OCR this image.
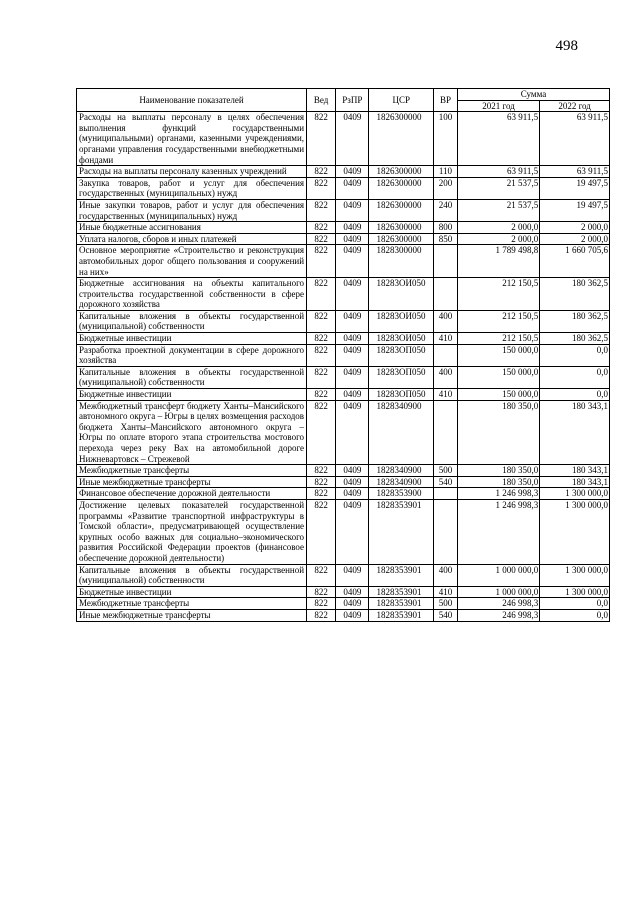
498
Наименование показателей	Вед	РзПР	ЦСР	ВР	Сумма	
					2021 год	2022 год
Расходы на выплаты персоналу в целях обеспечения выполнения функций государственными (муниципальными) органами, казенными учреждениями, органами управления государственными внебюджетными фондами	822	0409	1826300000	100	63 911,5	63 911,5
Расходы на выплаты персоналу казенных учреждений	822	0409	1826300000	110	63 911,5	63 911,5
Закупка товаров, работ и услуг для обеспечения государственных (муниципальных) нужд	822	0409	1826300000	200	21 537,5	19 497,5
Иные закупки товаров, работ и услуг для обеспечения государственных (муниципальных) нужд	822	0409	1826300000	240	21 537,5	19 497,5
Иные бюджетные ассигнования	822	0409	1826300000	800	2 000,0	2 000,0
Уплата налогов, сборов и иных платежей	822	0409	1826300000	850	2 000,0	2 000,0
Основное мероприятие «Строительство и реконструкция автомобильных дорог общего пользования и сооружений на них»	822	0409	1828300000		1 789 498,8	1 660 705,6
Бюджетные ассигнования на объекты капитального строительства государственной собственности в сфере дорожного хозяйства	822	0409	18283ОИ050		212 150,5	180 362,5
Капитальные вложения в объекты государственной (муниципальной) собственности	822	0409	18283ОИ050	400	212 150,5	180 362,5
Бюджетные инвестиции	822	0409	18283ОИ050	410	212 150,5	180 362,5
Разработка проектной документации в сфере дорожного хозяйства	822	0409	18283ОП050		150 000,0	0,0
Капитальные вложения в объекты государственной (муниципальной) собственности	822	0409	18283ОП050	400	150 000,0	0,0
Бюджетные инвестиции	822	0409	18283ОП050	410	150 000,0	0,0
Межбюджетный трансферт бюджету Ханты–Мансийского автономного округа – Югры в целях возмещения расходов бюджета Ханты–Мансийского автономного округа – Югры по оплате второго этапа строительства мостового перехода через реку Вах на автомобильной дороге Нижневартовск – Стрежевой	822	0409	1828340900		180 350,0	180 343,1
Межбюджетные трансферты	822	0409	1828340900	500	180 350,0	180 343,1
Иные межбюджетные трансферты	822	0409	1828340900	540	180 350,0	180 343,1
Финансовое обеспечение дорожной деятельности	822	0409	1828353900		1 246 998,3	1 300 000,0
Достижение целевых показателей государственной программы «Развитие транспортной инфраструктуры в Томской области», предусматривающей осуществление крупных особо важных для социально–экономического развития Российской Федерации проектов (финансовое обеспечение дорожной деятельности)	822	0409	1828353901		1 246 998,3	1 300 000,0
Капитальные вложения в объекты государственной (муниципальной) собственности	822	0409	1828353901	400	1 000 000,0	1 300 000,0
Бюджетные инвестиции	822	0409	1828353901	410	1 000 000,0	1 300 000,0
Межбюджетные трансферты	822	0409	1828353901	500	246 998,3	0,0
Иные межбюджетные трансферты	822	0409	1828353901	540	246 998,3	0,0
